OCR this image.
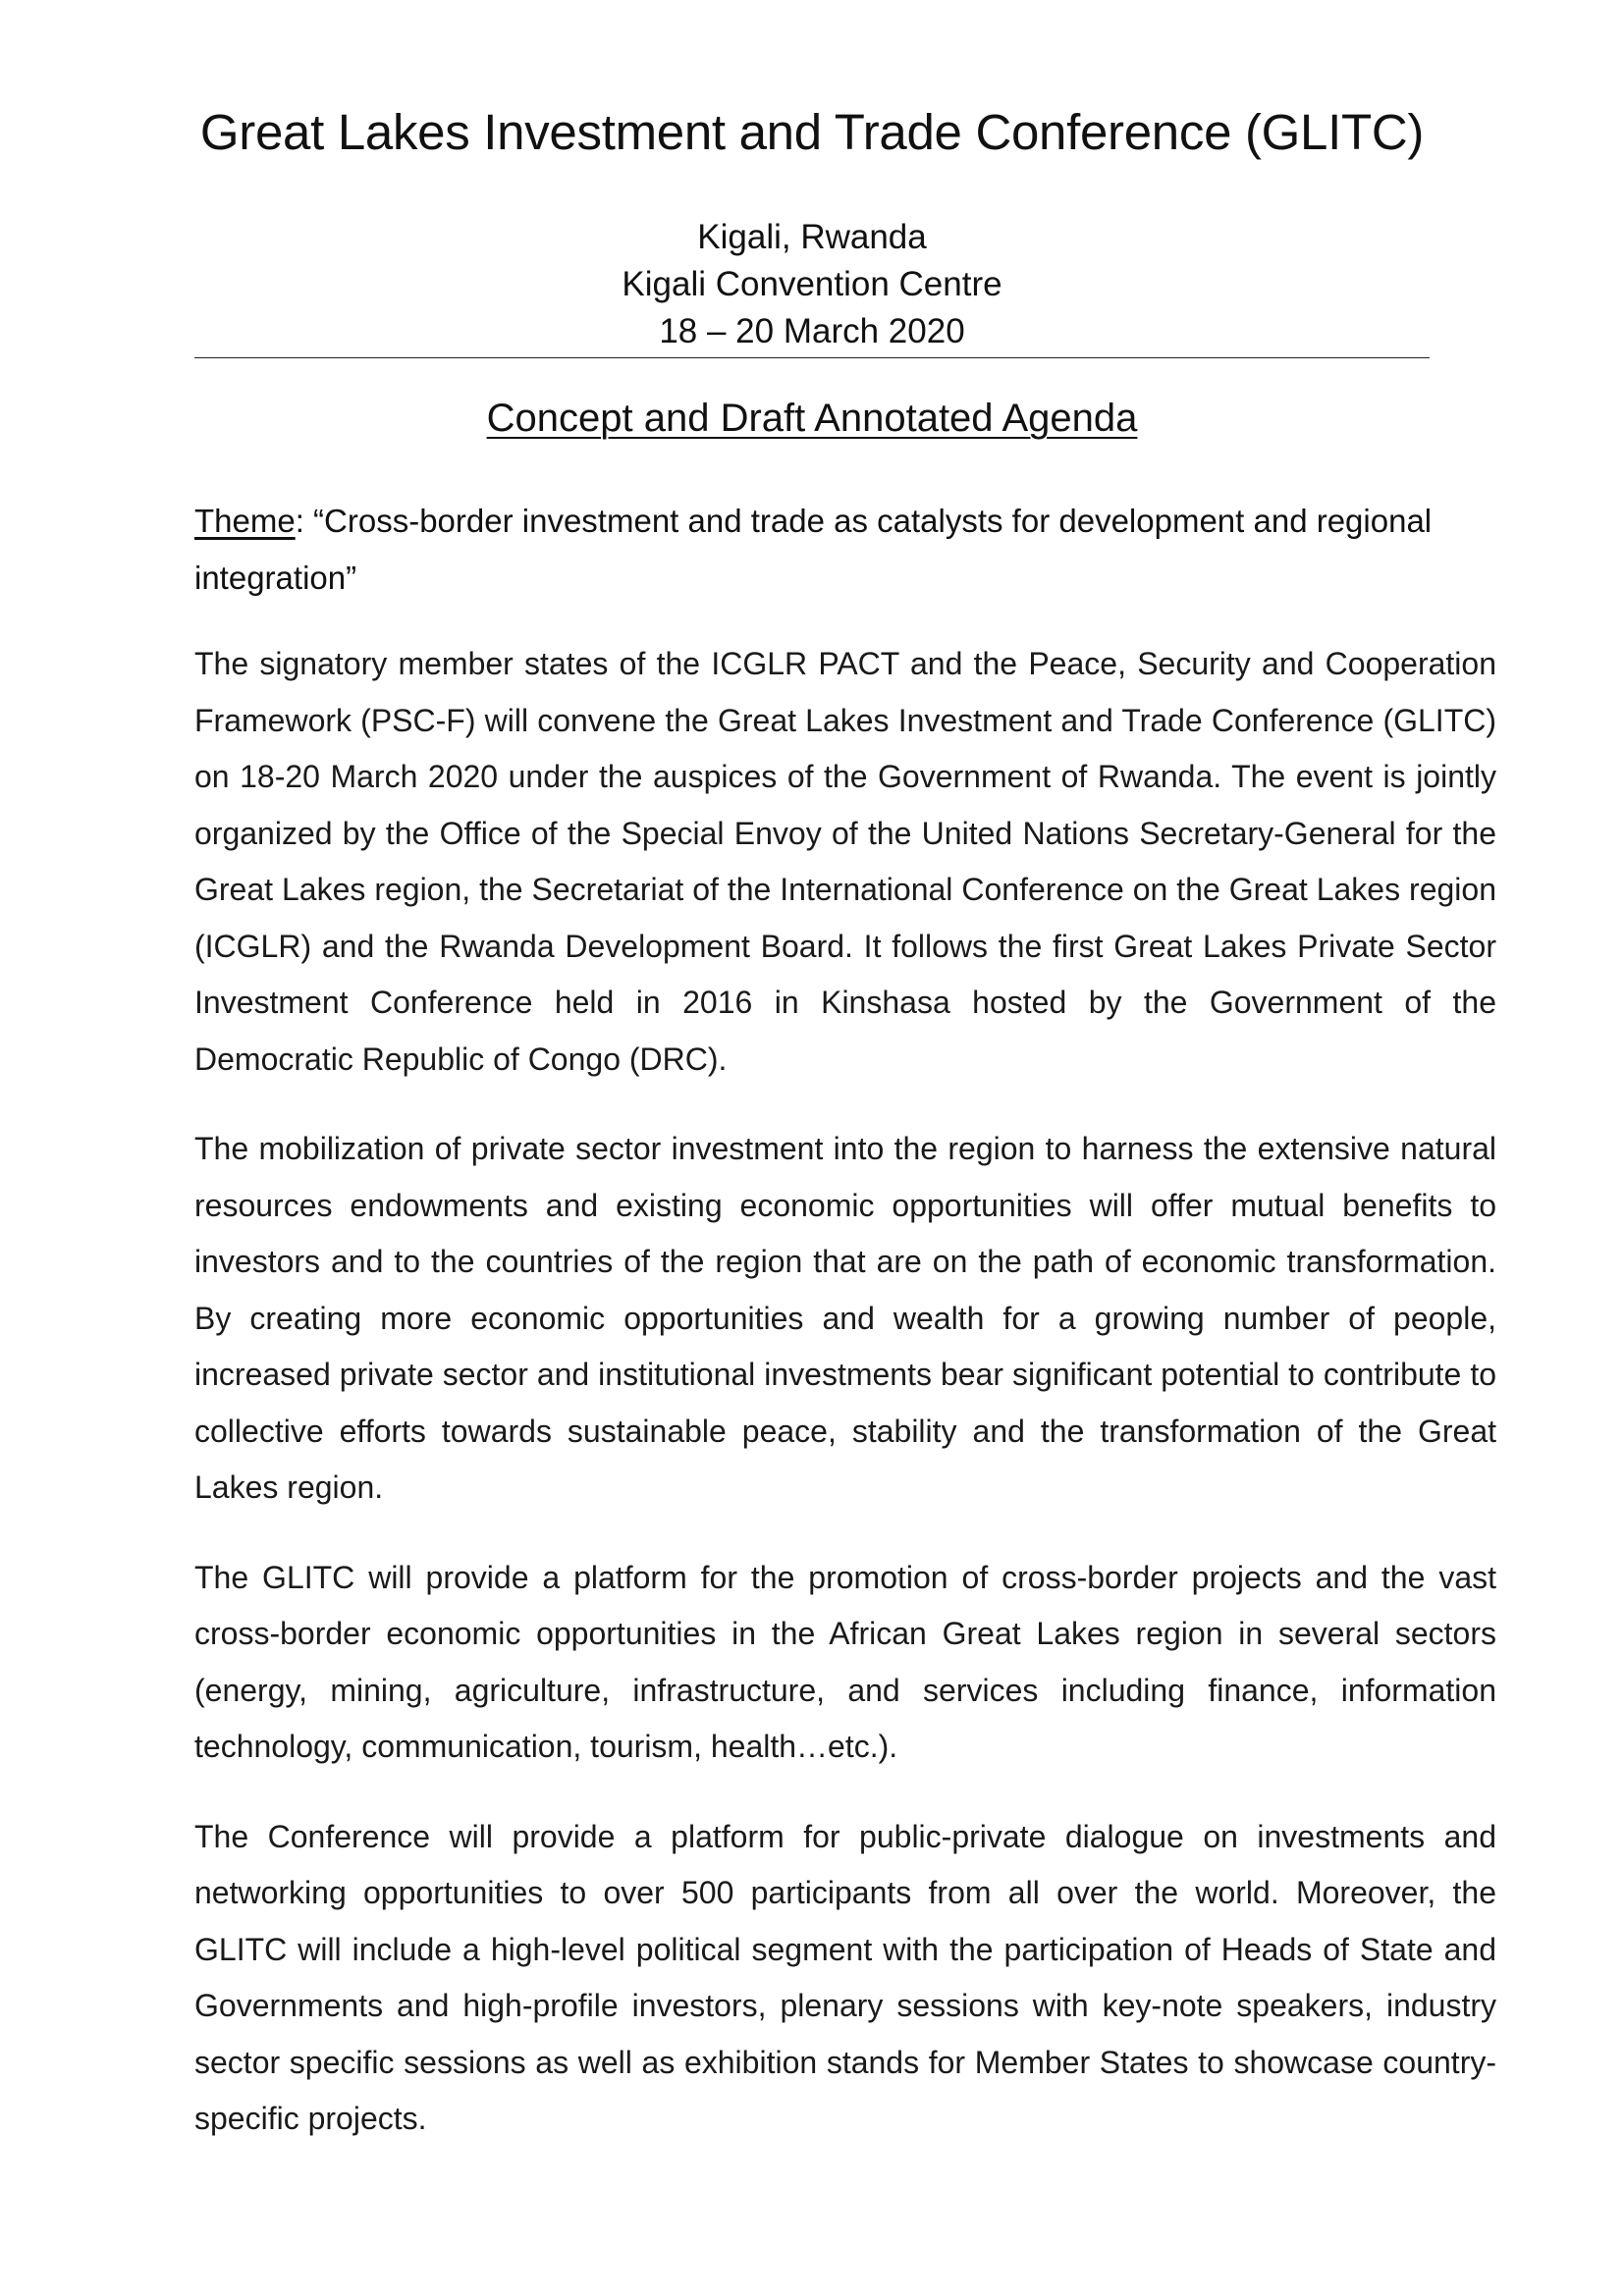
Great Lakes Investment and Trade Conference (GLITC)
Kigali, Rwanda
Kigali Convention Centre
18 – 20 March 2020
Concept and Draft Annotated Agenda
Theme: “Cross-border investment and trade as catalysts for development and regional integration”

The signatory member states of the ICGLR PACT and the Peace, Security and Cooperation Framework (PSC-F) will convene the Great Lakes Investment and Trade Conference (GLITC) on 18-20 March 2020 under the auspices of the Government of Rwanda. The event is jointly organized by the Office of the Special Envoy of the United Nations Secretary-General for the Great Lakes region, the Secretariat of the International Conference on the Great Lakes region (ICGLR) and the Rwanda Development Board. It follows the first Great Lakes Private Sector Investment Conference held in 2016 in Kinshasa hosted by the Government of the Democratic Republic of Congo (DRC).

The mobilization of private sector investment into the region to harness the extensive natural resources endowments and existing economic opportunities will offer mutual benefits to investors and to the countries of the region that are on the path of economic transformation. By creating more economic opportunities and wealth for a growing number of people, increased private sector and institutional investments bear significant potential to contribute to collective efforts towards sustainable peace, stability and the transformation of the Great Lakes region.

The GLITC will provide a platform for the promotion of cross-border projects and the vast cross-border economic opportunities in the African Great Lakes region in several sectors (energy, mining, agriculture, infrastructure, and services including finance, information technology, communication, tourism, health…etc.).

The Conference will provide a platform for public-private dialogue on investments and networking opportunities to over 500 participants from all over the world. Moreover, the GLITC will include a high-level political segment with the participation of Heads of State and Governments and high-profile investors, plenary sessions with key-note speakers, industry sector specific sessions as well as exhibition stands for Member States to showcase country-specific projects.
